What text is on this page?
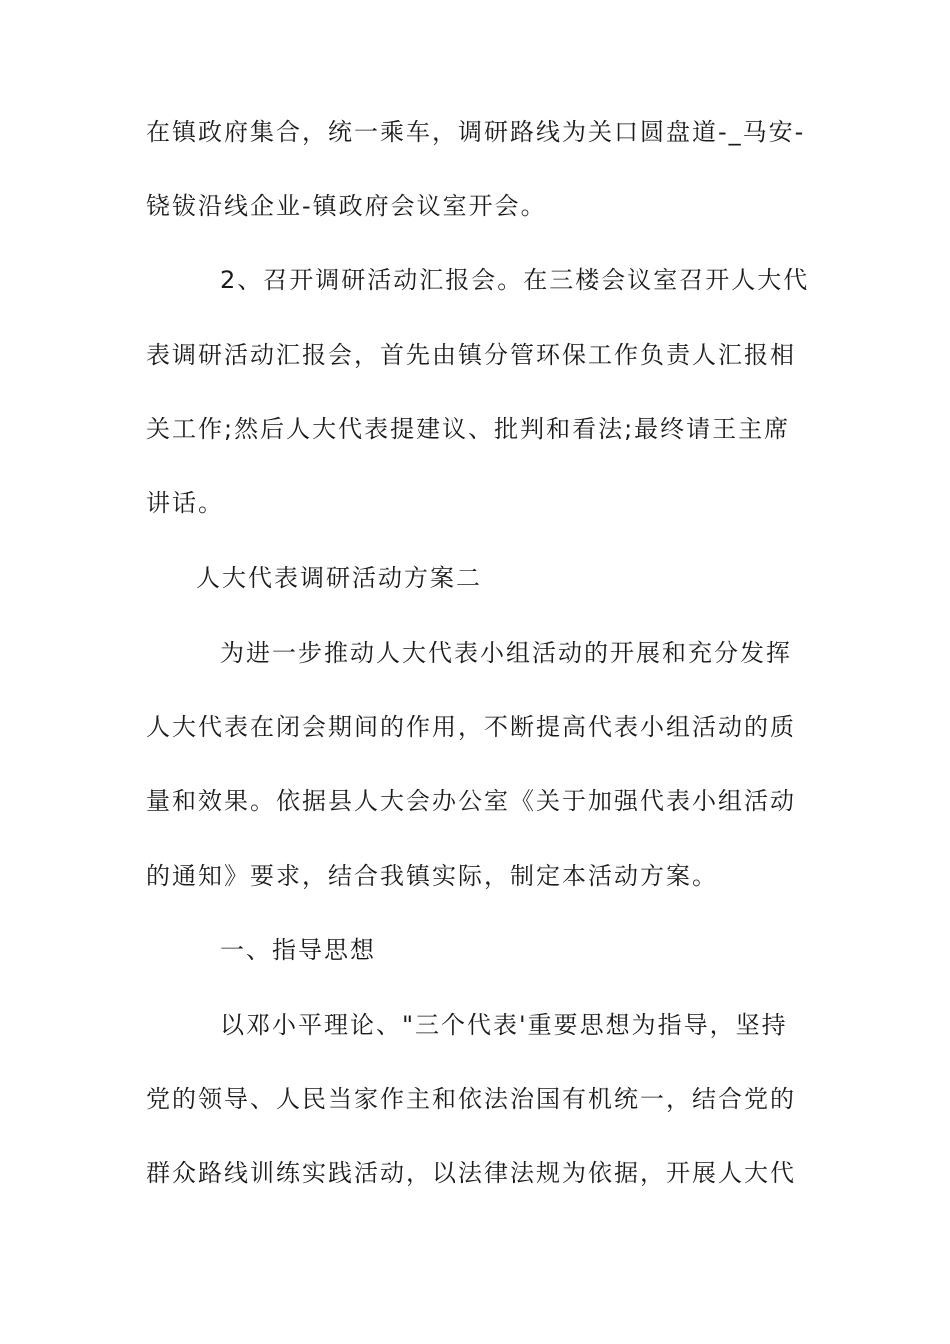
在镇政府集合，统一乘车，调研路线为关口圆盘道-_马安-
铙钹沿线企业-镇政府会议室开会。
2、召开调研活动汇报会。在三楼会议室召开人大代
表调研活动汇报会，首先由镇分管环保工作负责人汇报相
关工作;然后人大代表提建议、批判和看法;最终请王主席
讲话。
人大代表调研活动方案二
为进一步推动人大代表小组活动的开展和充分发挥
人大代表在闭会期间的作用，不断提高代表小组活动的质
量和效果。依据县人大会办公室《关于加强代表小组活动
的通知》要求，结合我镇实际，制定本活动方案。
一、指导思想
以邓小平理论、"三个代表'重要思想为指导，坚持
党的领导、人民当家作主和依法治国有机统一，结合党的
群众路线训练实践活动，以法律法规为依据，开展人大代
